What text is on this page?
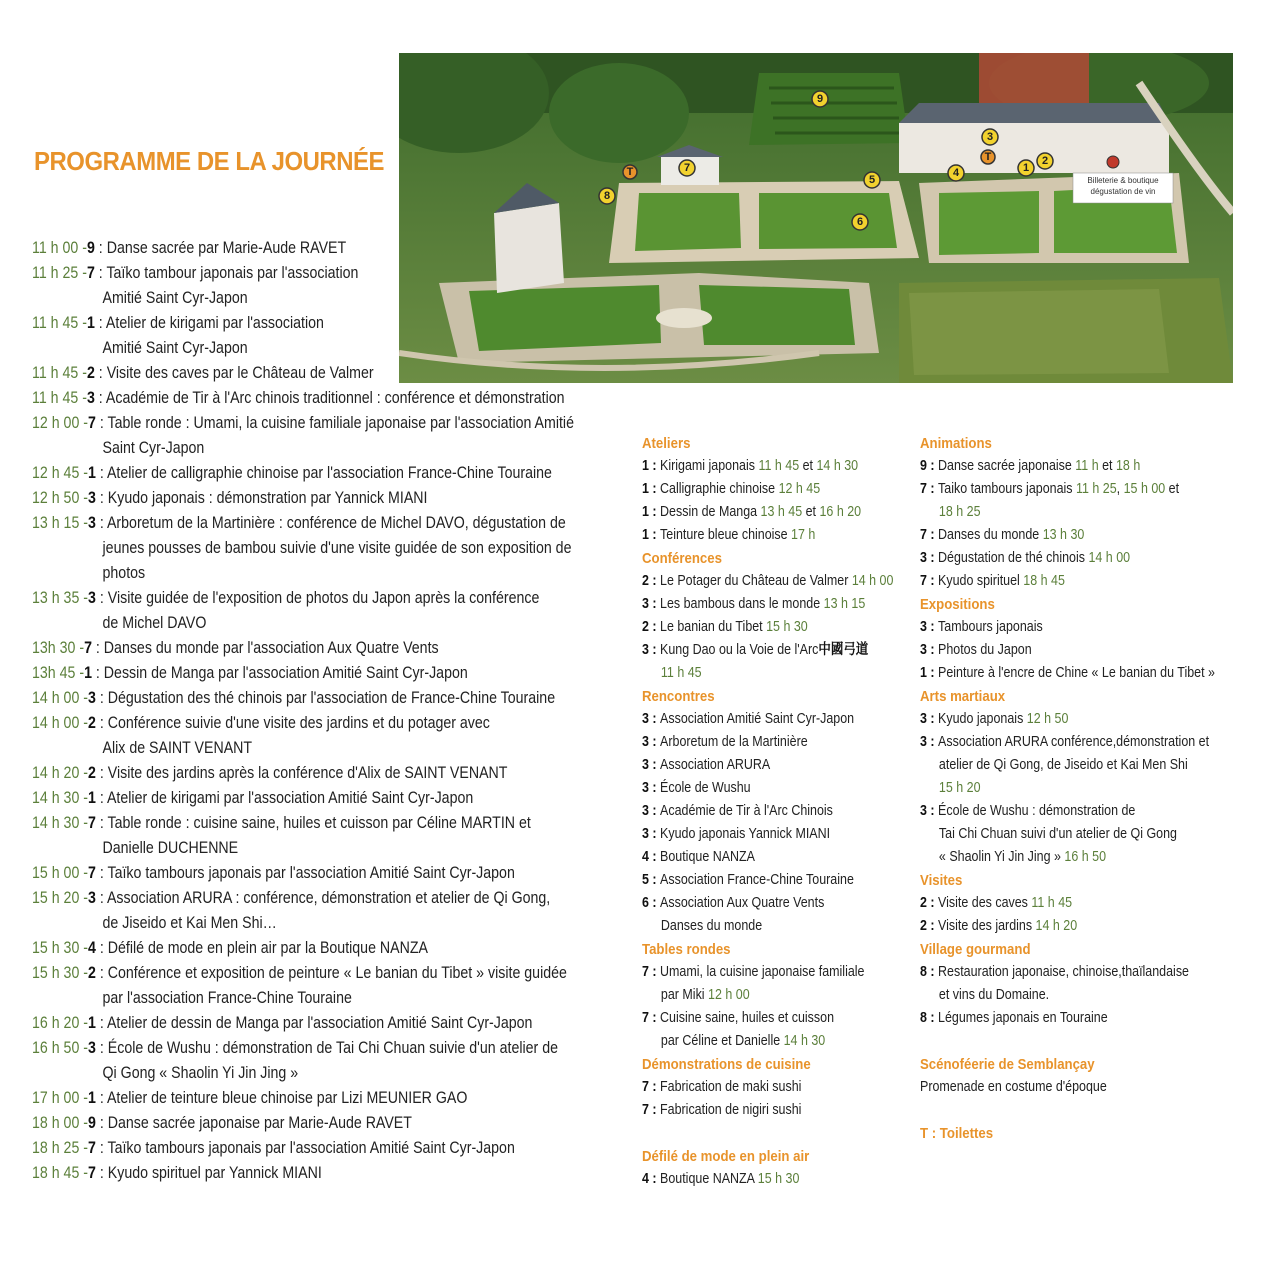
PROGRAMME DE LA JOURNÉE
Billeterie & boutique
dégustation de vin
9
7
T
8
3
T
1
2
4
5
6
11 h 00 -9 : Danse sacrée par Marie-Aude RAVET
11 h 25 -7 : Taïko tambour japonais par l'association
Amitié Saint Cyr-Japon
11 h 45 -1 : Atelier de kirigami par l'association
Amitié Saint Cyr-Japon
11 h 45 -2 : Visite des caves par le Château de Valmer
11 h 45 -3 : Académie de Tir à l'Arc chinois traditionnel : conférence et démonstration
12 h 00 -7 : Table ronde : Umami, la cuisine familiale japonaise par l'association Amitié
Saint Cyr-Japon
12 h 45 -1 : Atelier de calligraphie chinoise par l'association France-Chine Touraine
12 h 50 -3 : Kyudo japonais : démonstration par Yannick MIANI
13 h 15 -3 : Arboretum de la Martinière : conférence de Michel DAVO, dégustation de
jeunes pousses de bambou suivie d'une visite guidée de son exposition de
photos
13 h 35 -3 : Visite guidée de l'exposition de photos du Japon après la conférence
de Michel DAVO
13h 30 -7 : Danses du monde par l'association Aux Quatre Vents
13h 45 -1 : Dessin de Manga par l'association Amitié Saint Cyr-Japon
14 h 00 -3 : Dégustation des thé chinois par l'association de France-Chine Touraine
14 h 00 -2 : Conférence suivie d'une visite des jardins et du potager avec
Alix de SAINT VENANT
14 h 20 -2 : Visite des jardins après la conférence d'Alix de SAINT VENANT
14 h 30 -1 : Atelier de kirigami par l'association Amitié Saint Cyr-Japon
14 h 30 -7 : Table ronde : cuisine saine, huiles et cuisson par Céline MARTIN et
Danielle DUCHENNE
15 h 00 -7 : Taïko tambours japonais par l'association Amitié Saint Cyr-Japon
15 h 20 -3 : Association ARURA : conférence, démonstration et atelier de Qi Gong,
de Jiseido et Kai Men Shi…
15 h 30 -4 : Défilé de mode en plein air par la Boutique NANZA
15 h 30 -2 : Conférence et exposition de peinture « Le banian du Tibet » visite guidée
par l'association France-Chine Touraine
16 h 20 -1 : Atelier de dessin de Manga par l'association Amitié Saint Cyr-Japon
16 h 50 -3 : École de Wushu : démonstration de Tai Chi Chuan suivie d'un atelier de
Qi Gong « Shaolin Yi Jin Jing »
17 h 00 -1 : Atelier de teinture bleue chinoise par Lizi MEUNIER GAO
18 h 00 -9 : Danse sacrée japonaise par Marie-Aude RAVET
18 h 25 -7 : Taïko tambours japonais par l'association Amitié Saint Cyr-Japon
18 h 45 -7 : Kyudo spirituel par Yannick MIANI
Ateliers
1 : Kirigami japonais 11 h 45 et 14 h 30
1 : Calligraphie chinoise 12 h 45
1 : Dessin de Manga 13 h 45 et 16 h 20
1 : Teinture bleue chinoise 17 h
Conférences
2 : Le Potager du Château de Valmer 14 h 00
3 : Les bambous dans le monde 13 h 15
2 : Le banian du Tibet 15 h 30
3 : Kung Dao ou la Voie de l'Arc中國弓道
11 h 45
Rencontres
3 : Association Amitié Saint Cyr-Japon
3 : Arboretum de la Martinière
3 : Association ARURA
3 : École de Wushu
3 : Académie de Tir à l'Arc Chinois
3 : Kyudo japonais Yannick MIANI
4 : Boutique NANZA
5 : Association France-Chine Touraine
6 : Association Aux Quatre Vents
Danses du monde
Tables rondes
7 : Umami, la cuisine japonaise familiale
par Miki 12 h 00
7 : Cuisine saine, huiles et cuisson
par Céline et Danielle 14 h 30
Démonstrations de cuisine
7 : Fabrication de maki sushi
7 : Fabrication de nigiri sushi
Défilé de mode en plein air
4 : Boutique NANZA 15 h 30
Animations
9 : Danse sacrée japonaise 11 h et 18 h
7 : Taiko tambours japonais 11 h 25, 15 h 00 et
18 h 25
7 : Danses du monde 13 h 30
3 : Dégustation de thé chinois 14 h 00
7 : Kyudo spirituel 18 h 45
Expositions
3 : Tambours japonais
3 : Photos du Japon
1 : Peinture à l'encre de Chine « Le banian du Tibet »
Arts martiaux
3 : Kyudo japonais 12 h 50
3 : Association ARURA conférence,démonstration et
atelier de Qi Gong, de Jiseido et Kai Men Shi
15 h 20
3 : École de Wushu : démonstration de
Tai Chi Chuan suivi d'un atelier de Qi Gong
« Shaolin Yi Jin Jing » 16 h 50
Visites
2 : Visite des caves 11 h 45
2 : Visite des jardins 14 h 20
Village gourmand
8 : Restauration japonaise, chinoise,thaïlandaise
et vins du Domaine.
8 : Légumes japonais en Touraine
Scénoféerie de Semblançay
Promenade en costume d'époque
T : Toilettes
